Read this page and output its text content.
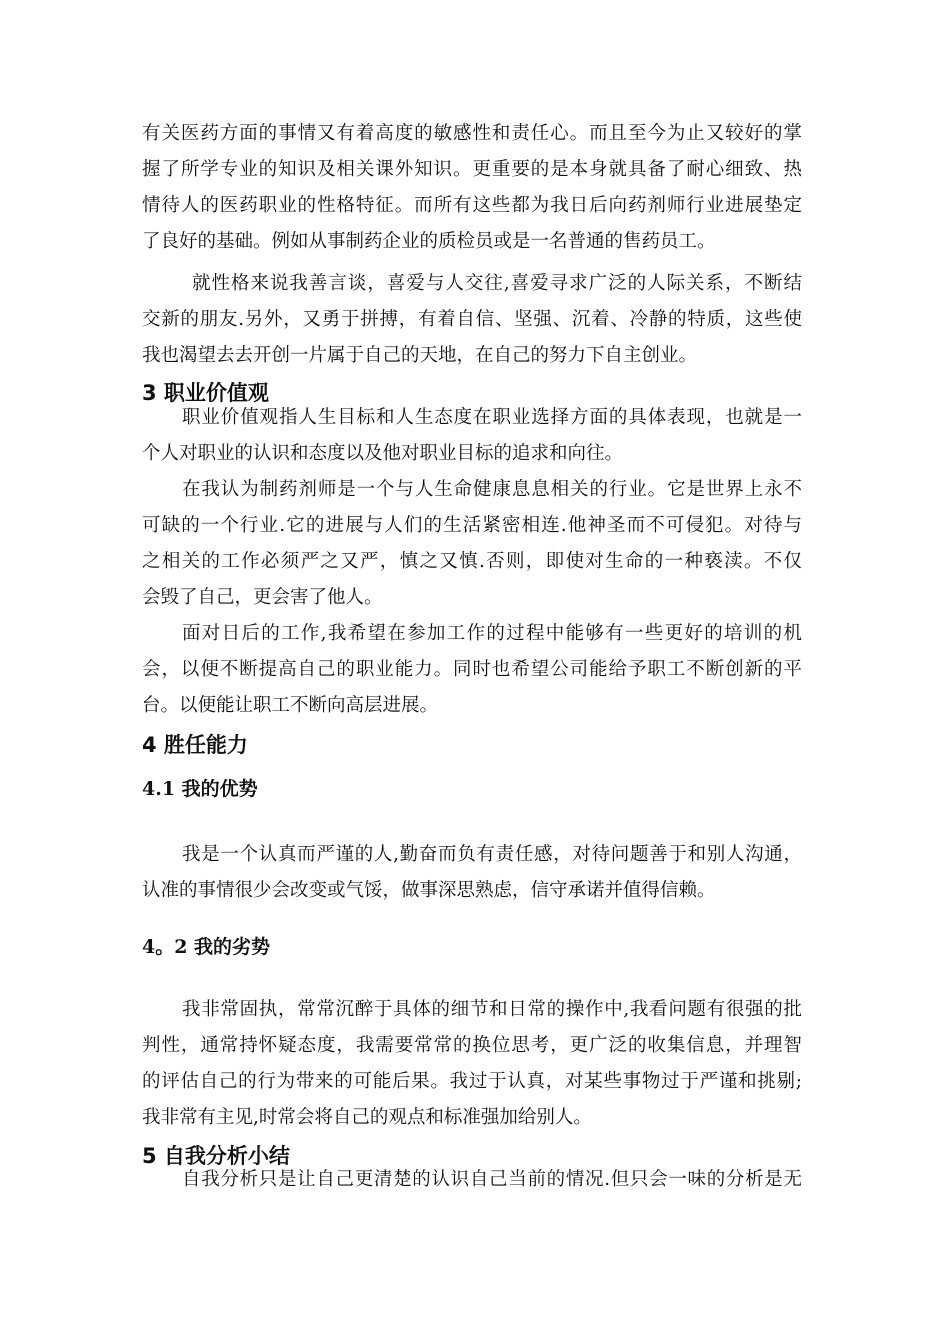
有关医药方面的事情又有着高度的敏感性和责任心。而且至今为止又较好的掌
握了所学专业的知识及相关课外知识。更重要的是本身就具备了耐心细致、热
情待人的医药职业的性格特征。而所有这些都为我日后向药剂师行业进展垫定
了良好的基础。例如从事制药企业的质检员或是一名普通的售药员工。
就性格来说我善言谈，喜爱与人交往,喜爱寻求广泛的人际关系，不断结
交新的朋友.另外，又勇于拼搏，有着自信、坚强、沉着、冷静的特质，这些使
我也渴望去去开创一片属于自己的天地，在自己的努力下自主创业。
3 职业价值观
职业价值观指人生目标和人生态度在职业选择方面的具体表现，也就是一
个人对职业的认识和态度以及他对职业目标的追求和向往。
在我认为制药剂师是一个与人生命健康息息相关的行业。它是世界上永不
可缺的一个行业.它的进展与人们的生活紧密相连.他神圣而不可侵犯。对待与
之相关的工作必须严之又严，慎之又慎.否则，即使对生命的一种亵渎。不仅
会毁了自己，更会害了他人。
面对日后的工作,我希望在参加工作的过程中能够有一些更好的培训的机
会，以便不断提高自己的职业能力。同时也希望公司能给予职工不断创新的平
台。以便能让职工不断向高层进展。
4 胜任能力
4.1 我的优势
我是一个认真而严谨的人,勤奋而负有责任感，对待问题善于和别人沟通，
认准的事情很少会改变或气馁，做事深思熟虑，信守承诺并值得信赖。
4。2 我的劣势
我非常固执，常常沉醉于具体的细节和日常的操作中,我看问题有很强的批
判性，通常持怀疑态度，我需要常常的换位思考，更广泛的收集信息，并理智
的评估自己的行为带来的可能后果。我过于认真，对某些事物过于严谨和挑剔;
我非常有主见,时常会将自己的观点和标准强加给别人。
5 自我分析小结
自我分析只是让自己更清楚的认识自己当前的情况.但只会一味的分析是无
